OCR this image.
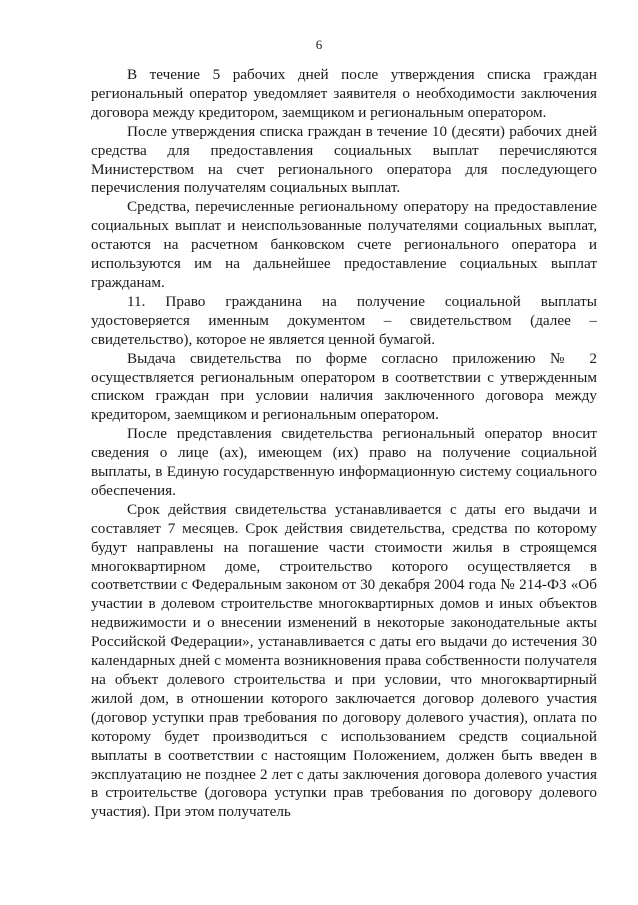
6

В течение 5 рабочих дней после утверждения списка граждан региональный оператор уведомляет заявителя о необходимости заключения договора между кредитором, заемщиком и региональным оператором.

После утверждения списка граждан в течение 10 (десяти) рабочих дней средства для предоставления социальных выплат перечисляются Министерством на счет регионального оператора для последующего перечисления получателям социальных выплат.

Средства, перечисленные региональному оператору на предоставление социальных выплат и неиспользованные получателями социальных выплат, остаются на расчетном банковском счете регионального оператора и используются им на дальнейшее предоставление социальных выплат гражданам.

11. Право гражданина на получение социальной выплаты удостоверяется именным документом – свидетельством (далее – свидетельство), которое не является ценной бумагой.

Выдача свидетельства по форме согласно приложению № 2 осуществляется региональным оператором в соответствии с утвержденным списком граждан при условии наличия заключенного договора между кредитором, заемщиком и региональным оператором.

После представления свидетельства региональный оператор вносит сведения о лице (ах), имеющем (их) право на получение социальной выплаты, в Единую государственную информационную систему социального обеспечения.

Срок действия свидетельства устанавливается с даты его выдачи и составляет 7 месяцев. Срок действия свидетельства, средства по которому будут направлены на погашение части стоимости жилья в строящемся многоквартирном доме, строительство которого осуществляется в соответствии с Федеральным законом от 30 декабря 2004 года № 214-ФЗ «Об участии в долевом строительстве многоквартирных домов и иных объектов недвижимости и о внесении изменений в некоторые законодательные акты Российской Федерации», устанавливается с даты его выдачи до истечения 30 календарных дней с момента возникновения права собственности получателя на объект долевого строительства и при условии, что многоквартирный жилой дом, в отношении которого заключается договор долевого участия (договор уступки прав требования по договору долевого участия), оплата по которому будет производиться с использованием средств социальной выплаты в соответствии с настоящим Положением, должен быть введен в эксплуатацию не позднее 2 лет с даты заключения договора долевого участия в строительстве (договора уступки прав требования по договору долевого участия). При этом получатель
